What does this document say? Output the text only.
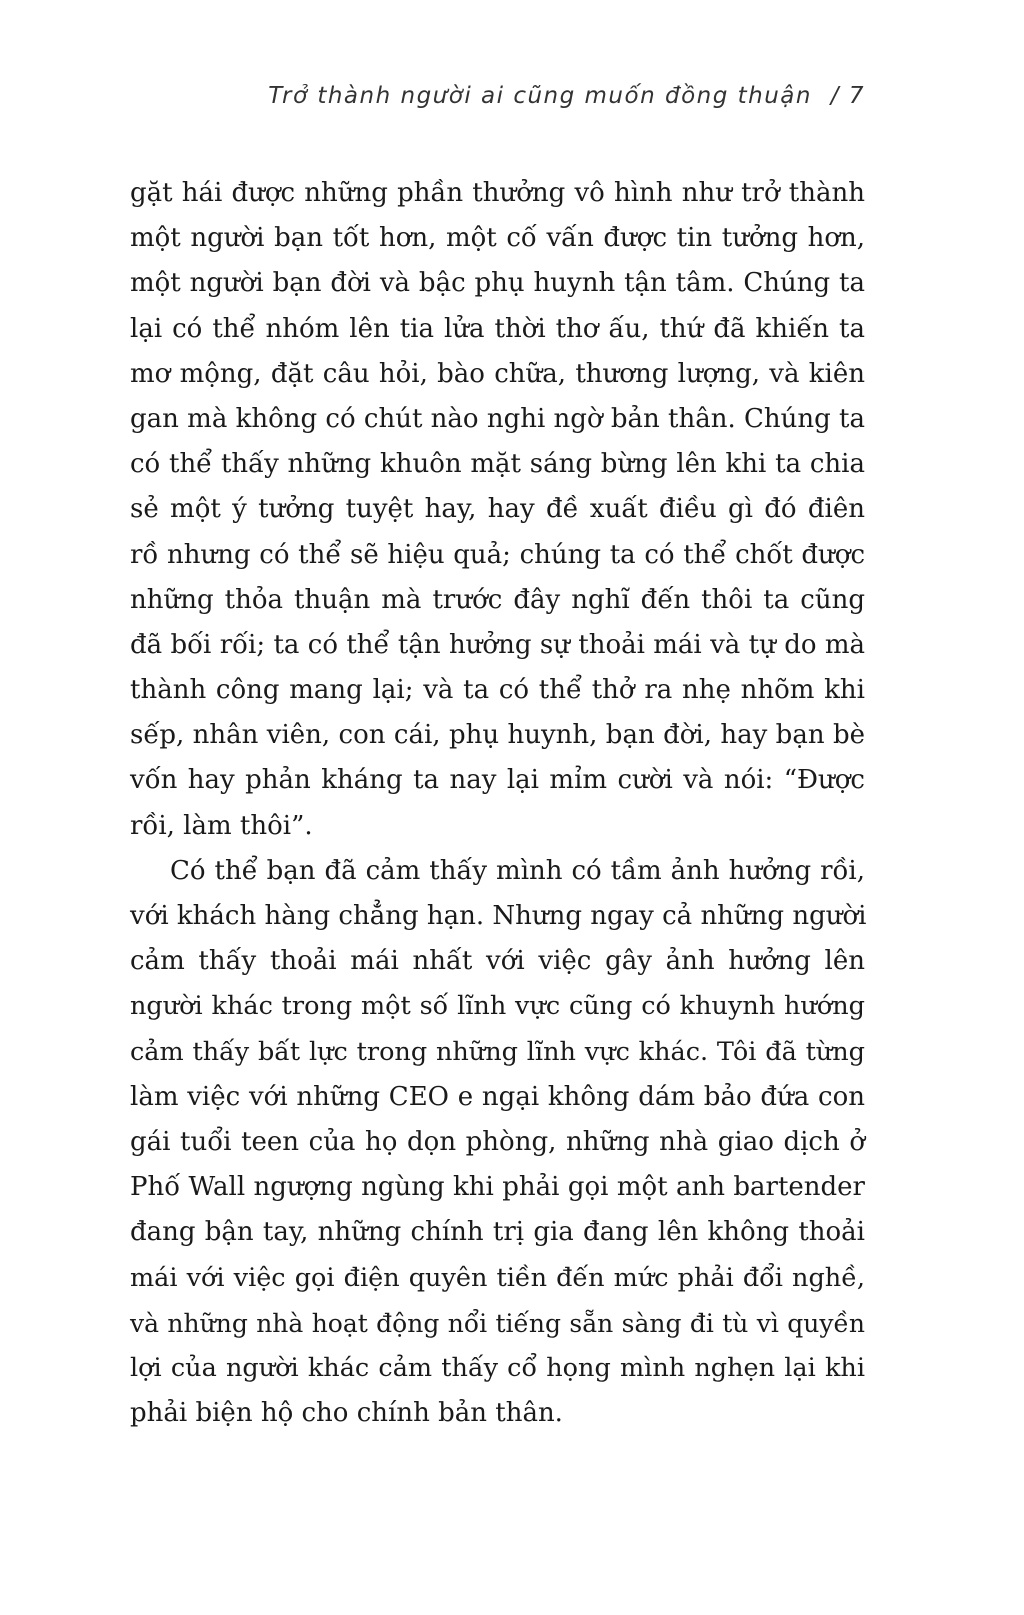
Trở thành người ai cũng muốn đồng thuận / 7
gặt hái được những phần thưởng vô hình như trở thành
một người bạn tốt hơn, một cố vấn được tin tưởng hơn,
một người bạn đời và bậc phụ huynh tận tâm. Chúng ta
lại có thể nhóm lên tia lửa thời thơ ấu, thứ đã khiến ta
mơ mộng, đặt câu hỏi, bào chữa, thương lượng, và kiên
gan mà không có chút nào nghi ngờ bản thân. Chúng ta
có thể thấy những khuôn mặt sáng bừng lên khi ta chia
sẻ một ý tưởng tuyệt hay, hay đề xuất điều gì đó điên
rồ nhưng có thể sẽ hiệu quả; chúng ta có thể chốt được
những thỏa thuận mà trước đây nghĩ đến thôi ta cũng
đã bối rối; ta có thể tận hưởng sự thoải mái và tự do mà
thành công mang lại; và ta có thể thở ra nhẹ nhõm khi
sếp, nhân viên, con cái, phụ huynh, bạn đời, hay bạn bè
vốn hay phản kháng ta nay lại mỉm cười và nói: “Được
rồi, làm thôi”.
Có thể bạn đã cảm thấy mình có tầm ảnh hưởng rồi,
với khách hàng chẳng hạn. Nhưng ngay cả những người
cảm thấy thoải mái nhất với việc gây ảnh hưởng lên
người khác trong một số lĩnh vực cũng có khuynh hướng
cảm thấy bất lực trong những lĩnh vực khác. Tôi đã từng
làm việc với những CEO e ngại không dám bảo đứa con
gái tuổi teen của họ dọn phòng, những nhà giao dịch ở
Phố Wall ngượng ngùng khi phải gọi một anh bartender
đang bận tay, những chính trị gia đang lên không thoải
mái với việc gọi điện quyên tiền đến mức phải đổi nghề,
và những nhà hoạt động nổi tiếng sẵn sàng đi tù vì quyền
lợi của người khác cảm thấy cổ họng mình nghẹn lại khi
phải biện hộ cho chính bản thân.
